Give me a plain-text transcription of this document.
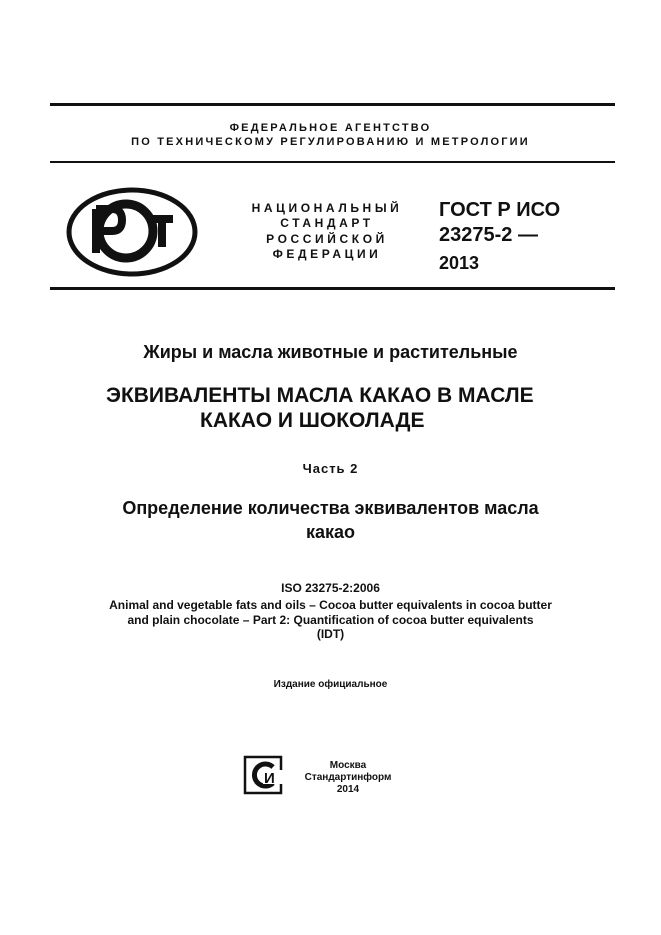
ФЕДЕРАЛЬНОЕ АГЕНТСТВО
ПО ТЕХНИЧЕСКОМУ РЕГУЛИРОВАНИЮ И МЕТРОЛОГИИ
НАЦИОНАЛЬНЫЙ
СТАНДАРТ
РОССИЙСКОЙ
ФЕДЕРАЦИИ
ГОСТ Р ИСО
23275-2 —
2013
Жиры и масла животные и растительные
ЭКВИВАЛЕНТЫ МАСЛА КАКАО В МАСЛЕ
КАКАО И ШОКОЛАДЕ
Часть 2
Определение количества эквивалентов масла
какао
ISO 23275-2:2006
Animal and vegetable fats and oils – Cocoa butter equivalents in cocoa butter
and plain chocolate – Part 2: Quantification of cocoa butter equivalents
(IDT)
Издание официальное
И
Москва
Стандартинформ
2014
